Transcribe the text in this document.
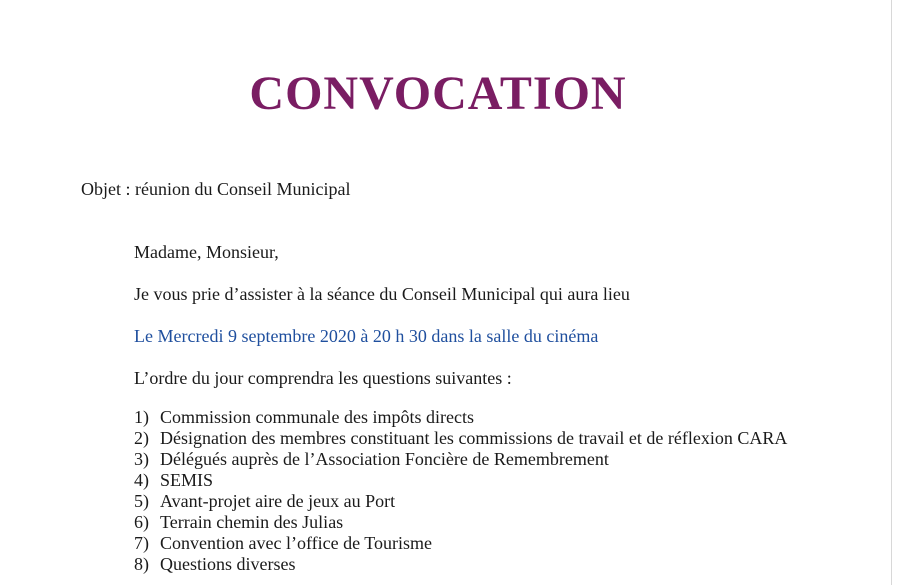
CONVOCATION
Objet : réunion du Conseil Municipal
Madame, Monsieur,
Je vous prie d’assister à la séance du Conseil Municipal qui aura lieu
Le Mercredi 9 septembre 2020 à 20 h 30 dans la salle du cinéma
L’ordre du jour comprendra les questions suivantes :
1) Commission communale des impôts directs
2) Désignation des membres constituant les commissions de travail et de réflexion CARA
3) Délégués auprès de l’Association Foncière de Remembrement
4) SEMIS
5) Avant-projet aire de jeux au Port
6) Terrain chemin des Julias
7) Convention avec l’office de Tourisme
8) Questions diverses
